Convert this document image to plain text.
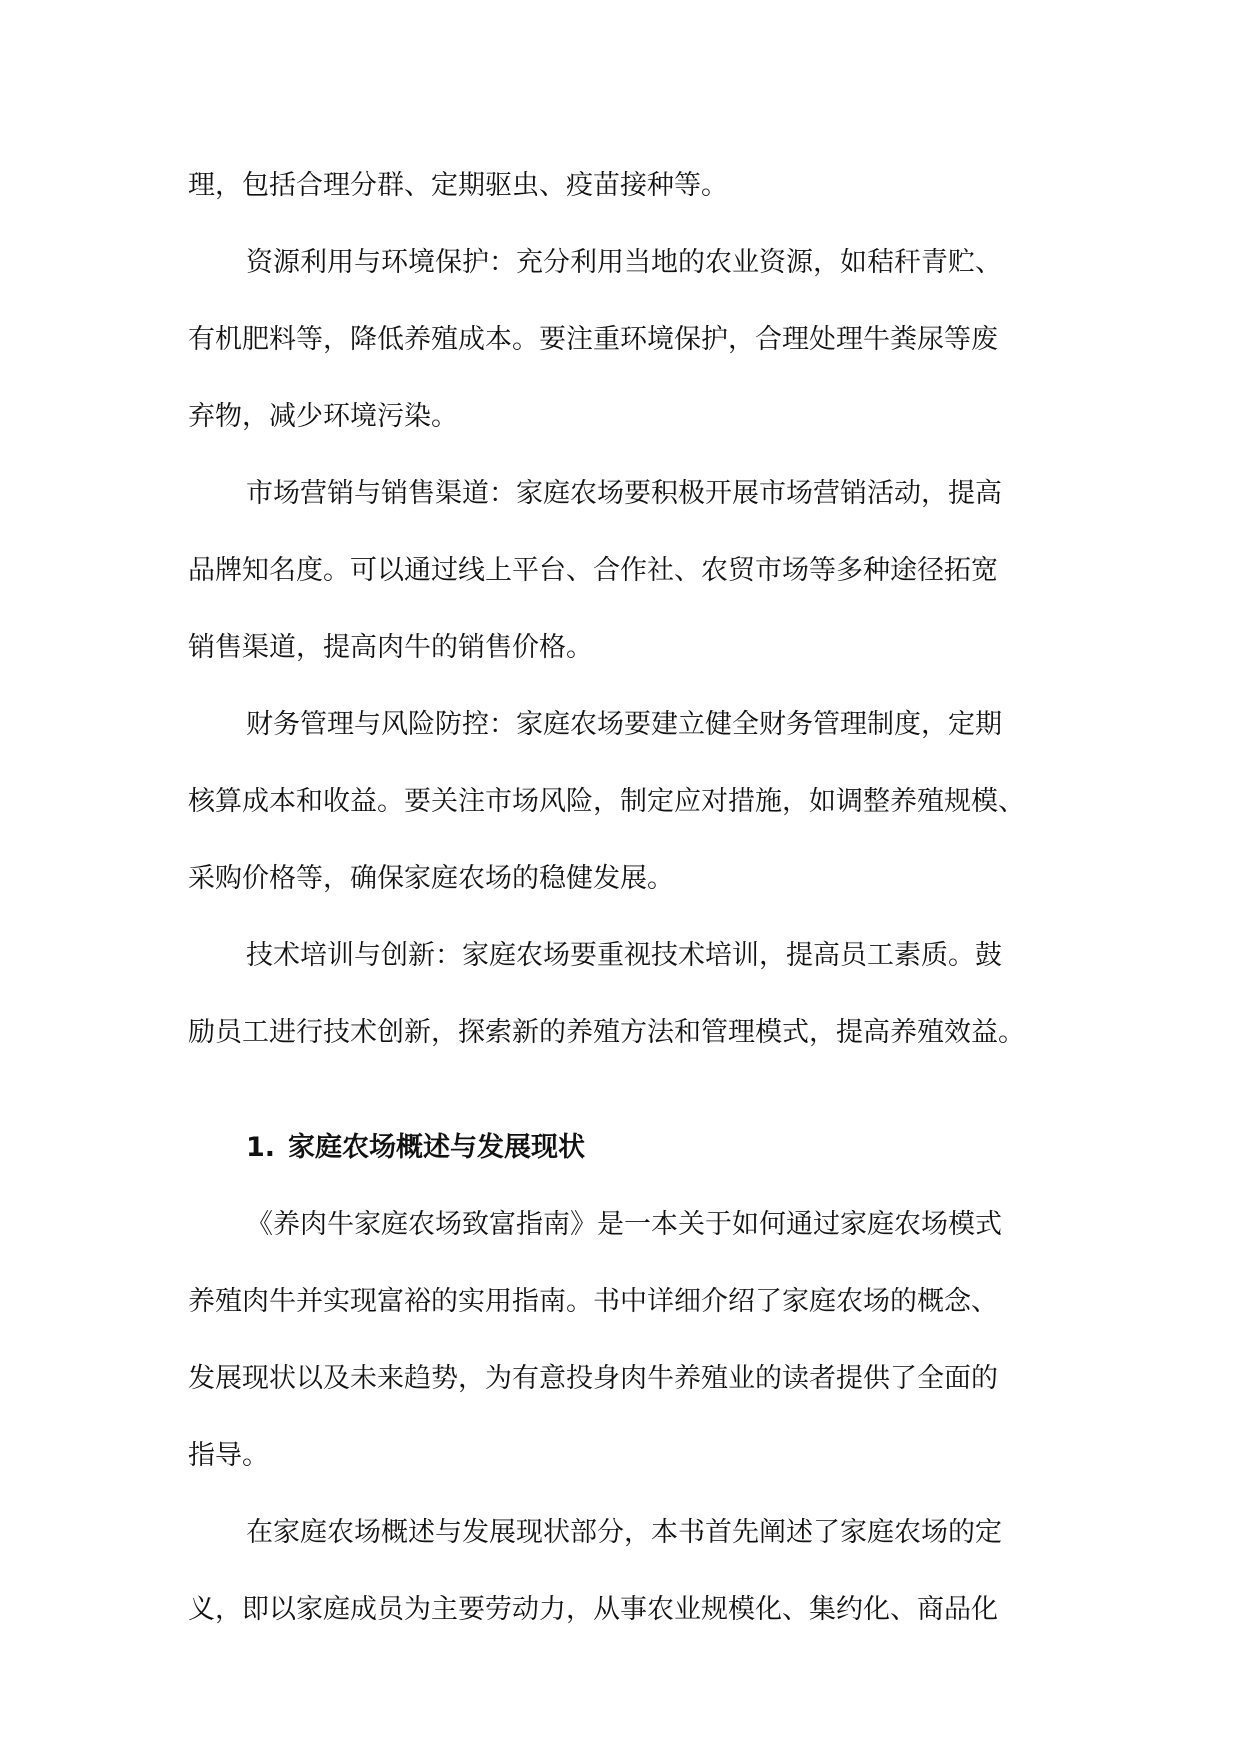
理，包括合理分群、定期驱虫、疫苗接种等。
资源利用与环境保护：充分利用当地的农业资源，如秸秆青贮、
有机肥料等，降低养殖成本。要注重环境保护，合理处理牛粪尿等废
弃物，减少环境污染。
市场营销与销售渠道：家庭农场要积极开展市场营销活动，提高
品牌知名度。可以通过线上平台、合作社、农贸市场等多种途径拓宽
销售渠道，提高肉牛的销售价格。
财务管理与风险防控：家庭农场要建立健全财务管理制度，定期
核算成本和收益。要关注市场风险，制定应对措施，如调整养殖规模、
采购价格等，确保家庭农场的稳健发展。
技术培训与创新：家庭农场要重视技术培训，提高员工素质。鼓
励员工进行技术创新，探索新的养殖方法和管理模式，提高养殖效益。
1. 家庭农场概述与发展现状
《养肉牛家庭农场致富指南》是一本关于如何通过家庭农场模式
养殖肉牛并实现富裕的实用指南。书中详细介绍了家庭农场的概念、
发展现状以及未来趋势，为有意投身肉牛养殖业的读者提供了全面的
指导。
在家庭农场概述与发展现状部分，本书首先阐述了家庭农场的定
义，即以家庭成员为主要劳动力，从事农业规模化、集约化、商品化
